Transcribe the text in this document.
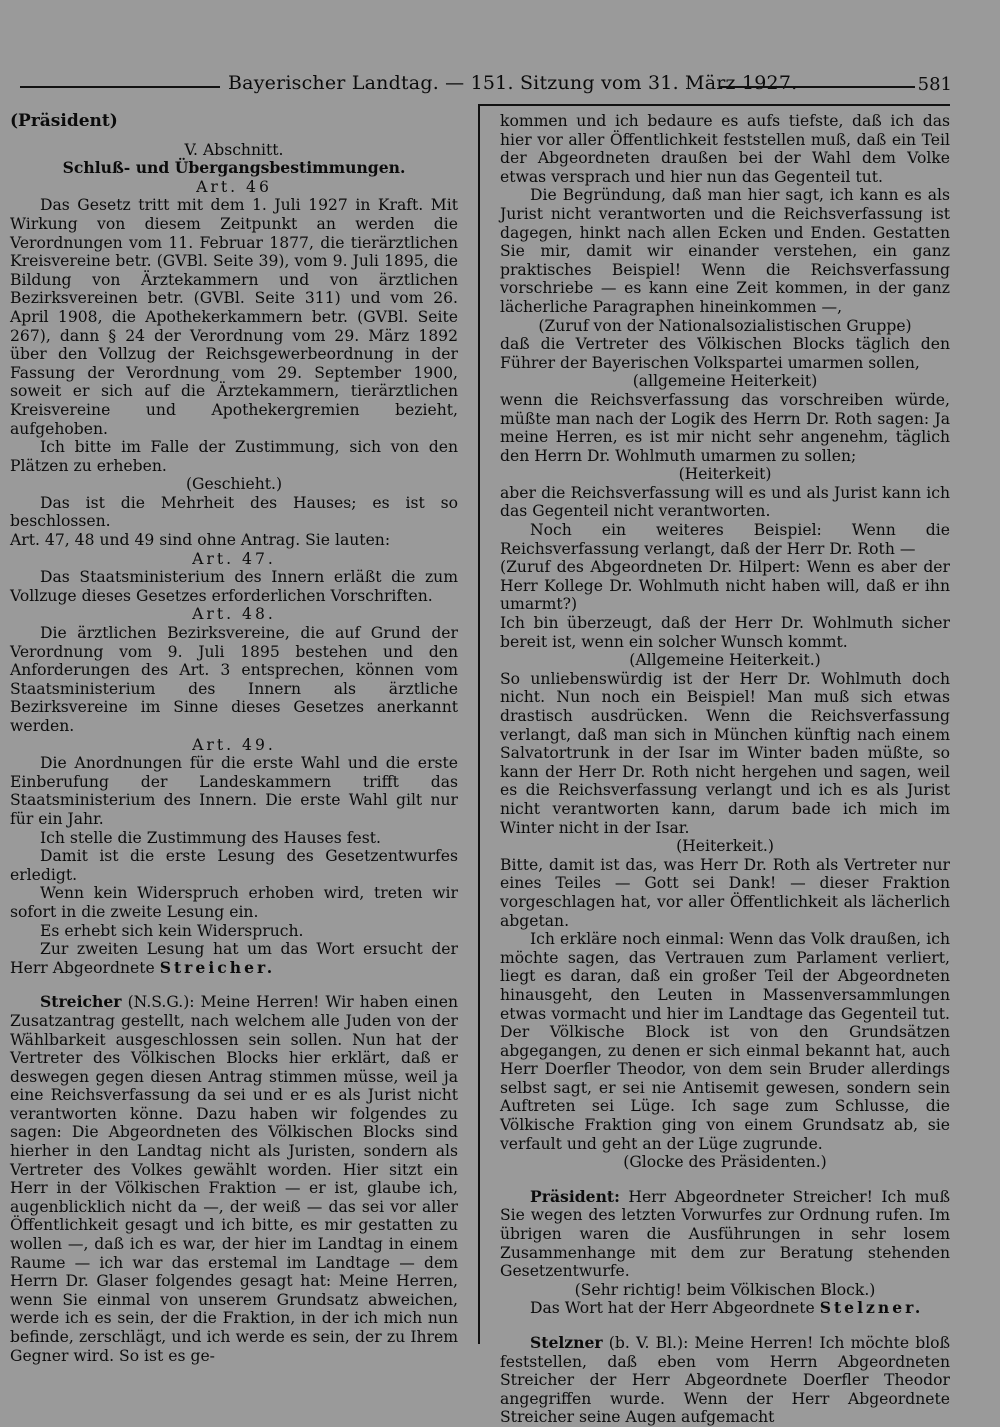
Bayerischer Landtag. — 151. Sitzung vom 31. März 1927.	581

(Präsident)

V. Abschnitt.

Schluß- und Übergangsbestimmungen.

Art. 46

Das Gesetz tritt mit dem 1. Juli 1927 in Kraft. Mit Wirkung von diesem Zeitpunkt an werden die Verordnungen vom 11. Februar 1877, die tierärztlichen Kreisvereine betr. (GVBl. Seite 39), vom 9. Juli 1895, die Bildung von Ärztekammern und von ärztlichen Bezirksvereinen betr. (GVBl. Seite 311) und vom 26. April 1908, die Apothekerkammern betr. (GVBl. Seite 267), dann § 24 der Verordnung vom 29. März 1892 über den Vollzug der Reichsgewerbeordnung in der Fassung der Verordnung vom 29. September 1900, soweit er sich auf die Ärztekammern, tierärztlichen Kreisvereine und Apothekergremien bezieht, aufgehoben.

Ich bitte im Falle der Zustimmung, sich von den Plätzen zu erheben.

(Geschieht.)

Das ist die Mehrheit des Hauses; es ist so beschlossen.

Art. 47, 48 und 49 sind ohne Antrag. Sie lauten:

Art. 47.

Das Staatsministerium des Innern erläßt die zum Vollzuge dieses Gesetzes erforderlichen Vorschriften.

Art. 48.

Die ärztlichen Bezirksvereine, die auf Grund der Verordnung vom 9. Juli 1895 bestehen und den Anforderungen des Art. 3 entsprechen, können vom Staatsministerium des Innern als ärztliche Bezirksvereine im Sinne dieses Gesetzes anerkannt werden.

Art. 49.

Die Anordnungen für die erste Wahl und die erste Einberufung der Landeskammern trifft das Staatsministerium des Innern. Die erste Wahl gilt nur für ein Jahr.

Ich stelle die Zustimmung des Hauses fest.

Damit ist die erste Lesung des Gesetzentwurfes erledigt.

Wenn kein Widerspruch erhoben wird, treten wir sofort in die zweite Lesung ein.

Es erhebt sich kein Widerspruch.

Zur zweiten Lesung hat um das Wort ersucht der Herr Abgeordnete Streicher.

Streicher (N.S.G.): Meine Herren! Wir haben einen Zusatzantrag gestellt, nach welchem alle Juden von der Wählbarkeit ausgeschlossen sein sollen. Nun hat der Vertreter des Völkischen Blocks hier erklärt, daß er deswegen gegen diesen Antrag stimmen müsse, weil ja eine Reichsverfassung da sei und er es als Jurist nicht verantworten könne. Dazu haben wir folgendes zu sagen: Die Abgeordneten des Völkischen Blocks sind hierher in den Landtag nicht als Juristen, sondern als Vertreter des Volkes gewählt worden. Hier sitzt ein Herr in der Völkischen Fraktion — er ist, glaube ich, augenblicklich nicht da —, der weiß — das sei vor aller Öffentlichkeit gesagt und ich bitte, es mir gestatten zu wollen —, daß ich es war, der hier im Landtag in einem Raume — ich war das erstemal im Landtage — dem Herrn Dr. Glaser folgendes gesagt hat: Meine Herren, wenn Sie einmal von unserem Grundsatz abweichen, werde ich es sein, der die Fraktion, in der ich mich nun befinde, zerschlägt, und ich werde es sein, der zu Ihrem Gegner wird. So ist es ge-

kommen und ich bedaure es aufs tiefste, daß ich das hier vor aller Öffentlichkeit feststellen muß, daß ein Teil der Abgeordneten draußen bei der Wahl dem Volke etwas versprach und hier nun das Gegenteil tut.

Die Begründung, daß man hier sagt, ich kann es als Jurist nicht verantworten und die Reichsverfassung ist dagegen, hinkt nach allen Ecken und Enden. Gestatten Sie mir, damit wir einander verstehen, ein ganz praktisches Beispiel! Wenn die Reichsverfassung vorschriebe — es kann eine Zeit kommen, in der ganz lächerliche Paragraphen hineinkommen —,

(Zuruf von der Nationalsozialistischen Gruppe)

daß die Vertreter des Völkischen Blocks täglich den Führer der Bayerischen Volkspartei umarmen sollen,

(allgemeine Heiterkeit)

wenn die Reichsverfassung das vorschreiben würde, müßte man nach der Logik des Herrn Dr. Roth sagen: Ja meine Herren, es ist mir nicht sehr angenehm, täglich den Herrn Dr. Wohlmuth umarmen zu sollen;

(Heiterkeit)

aber die Reichsverfassung will es und als Jurist kann ich das Gegenteil nicht verantworten.

Noch ein weiteres Beispiel: Wenn die Reichsverfassung verlangt, daß der Herr Dr. Roth —

(Zuruf des Abgeordneten Dr. Hilpert: Wenn es aber der Herr Kollege Dr. Wohlmuth nicht haben will, daß er ihn umarmt?)

Ich bin überzeugt, daß der Herr Dr. Wohlmuth sicher bereit ist, wenn ein solcher Wunsch kommt.

(Allgemeine Heiterkeit.)

So unliebenswürdig ist der Herr Dr. Wohlmuth doch nicht. Nun noch ein Beispiel! Man muß sich etwas drastisch ausdrücken. Wenn die Reichsverfassung verlangt, daß man sich in München künftig nach einem Salvatortrunk in der Isar im Winter baden müßte, so kann der Herr Dr. Roth nicht hergehen und sagen, weil es die Reichsverfassung verlangt und ich es als Jurist nicht verantworten kann, darum bade ich mich im Winter nicht in der Isar.

(Heiterkeit.)

Bitte, damit ist das, was Herr Dr. Roth als Vertreter nur eines Teiles — Gott sei Dank! — dieser Fraktion vorgeschlagen hat, vor aller Öffentlichkeit als lächerlich abgetan.

Ich erkläre noch einmal: Wenn das Volk draußen, ich möchte sagen, das Vertrauen zum Parlament verliert, liegt es daran, daß ein großer Teil der Abgeordneten hinausgeht, den Leuten in Massenversammlungen etwas vormacht und hier im Landtage das Gegenteil tut. Der Völkische Block ist von den Grundsätzen abgegangen, zu denen er sich einmal bekannt hat, auch Herr Doerfler Theodor, von dem sein Bruder allerdings selbst sagt, er sei nie Antisemit gewesen, sondern sein Auftreten sei Lüge. Ich sage zum Schlusse, die Völkische Fraktion ging von einem Grundsatz ab, sie verfault und geht an der Lüge zugrunde.

(Glocke des Präsidenten.)

Präsident: Herr Abgeordneter Streicher! Ich muß Sie wegen des letzten Vorwurfes zur Ordnung rufen. Im übrigen waren die Ausführungen in sehr losem Zusammenhange mit dem zur Beratung stehenden Gesetzentwurfe.

(Sehr richtig! beim Völkischen Block.)

Das Wort hat der Herr Abgeordnete Stelzner.

Stelzner (b. V. Bl.): Meine Herren! Ich möchte bloß feststellen, daß eben vom Herrn Abgeordneten Streicher der Herr Abgeordnete Doerfler Theodor angegriffen wurde. Wenn der Herr Abgeordnete Streicher seine Augen aufgemacht
